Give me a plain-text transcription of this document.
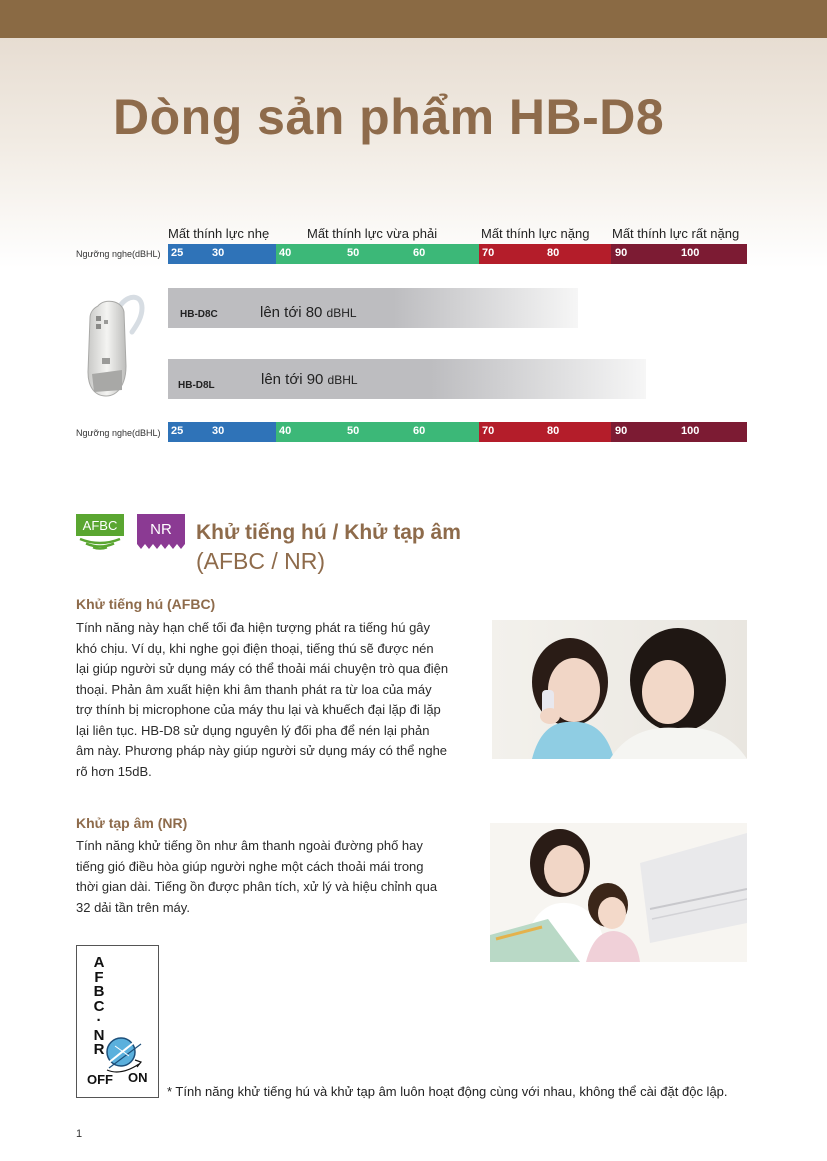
Dòng sản phẩm HB-D8
Mất thính lực nhẹ	Mất thính lực vừa phải	Mất thính lực nặng Mất thính lực rất nặng
Ngưỡng nghe(dBHL) 25	30	40	50	60	70	80	90	100
HB-D8C	lên tới 80 dBHL
HB-D8L	lên tới 90 dBHL
Ngưỡng nghe(dBHL) 25	30	40	50	60	70	80	90	100
AFBC NR Khử tiếng hú / Khử tạp âm
(AFBC / NR)
Khử tiếng hú (AFBC)
Tính năng này hạn chế tối đa hiện tượng phát ra tiếng hú gây
khó chịu. Ví dụ, khi nghe gọi điện thoại, tiếng thú sẽ được nén
lại giúp người sử dụng máy có thể thoải mái chuyện trò qua điện
thoại. Phản âm xuất hiện khi âm thanh phát ra từ loa của máy
trợ thính bị microphone của máy thu lại và khuếch đại lặp đi lặp
lại liên tục. HB-D8 sử dụng nguyên lý đối pha để nén lại phản
âm này. Phương pháp này giúp người sử dụng máy có thể nghe
rõ hơn 15dB.
Khử tạp âm (NR)
Tính năng khử tiếng ồn như âm thanh ngoài đường phố hay
tiếng gió điều hòa giúp người nghe một cách thoải mái trong
thời gian dài. Tiếng ồn được phân tích, xử lý và hiệu chỉnh qua
32 dải tần trên máy.
A
F
B
C
·
N
R
OFF ON

* Tính năng khử tiếng hú và khử tạp âm luôn hoạt động cùng với nhau, không thể cài đặt độc lập.

1
